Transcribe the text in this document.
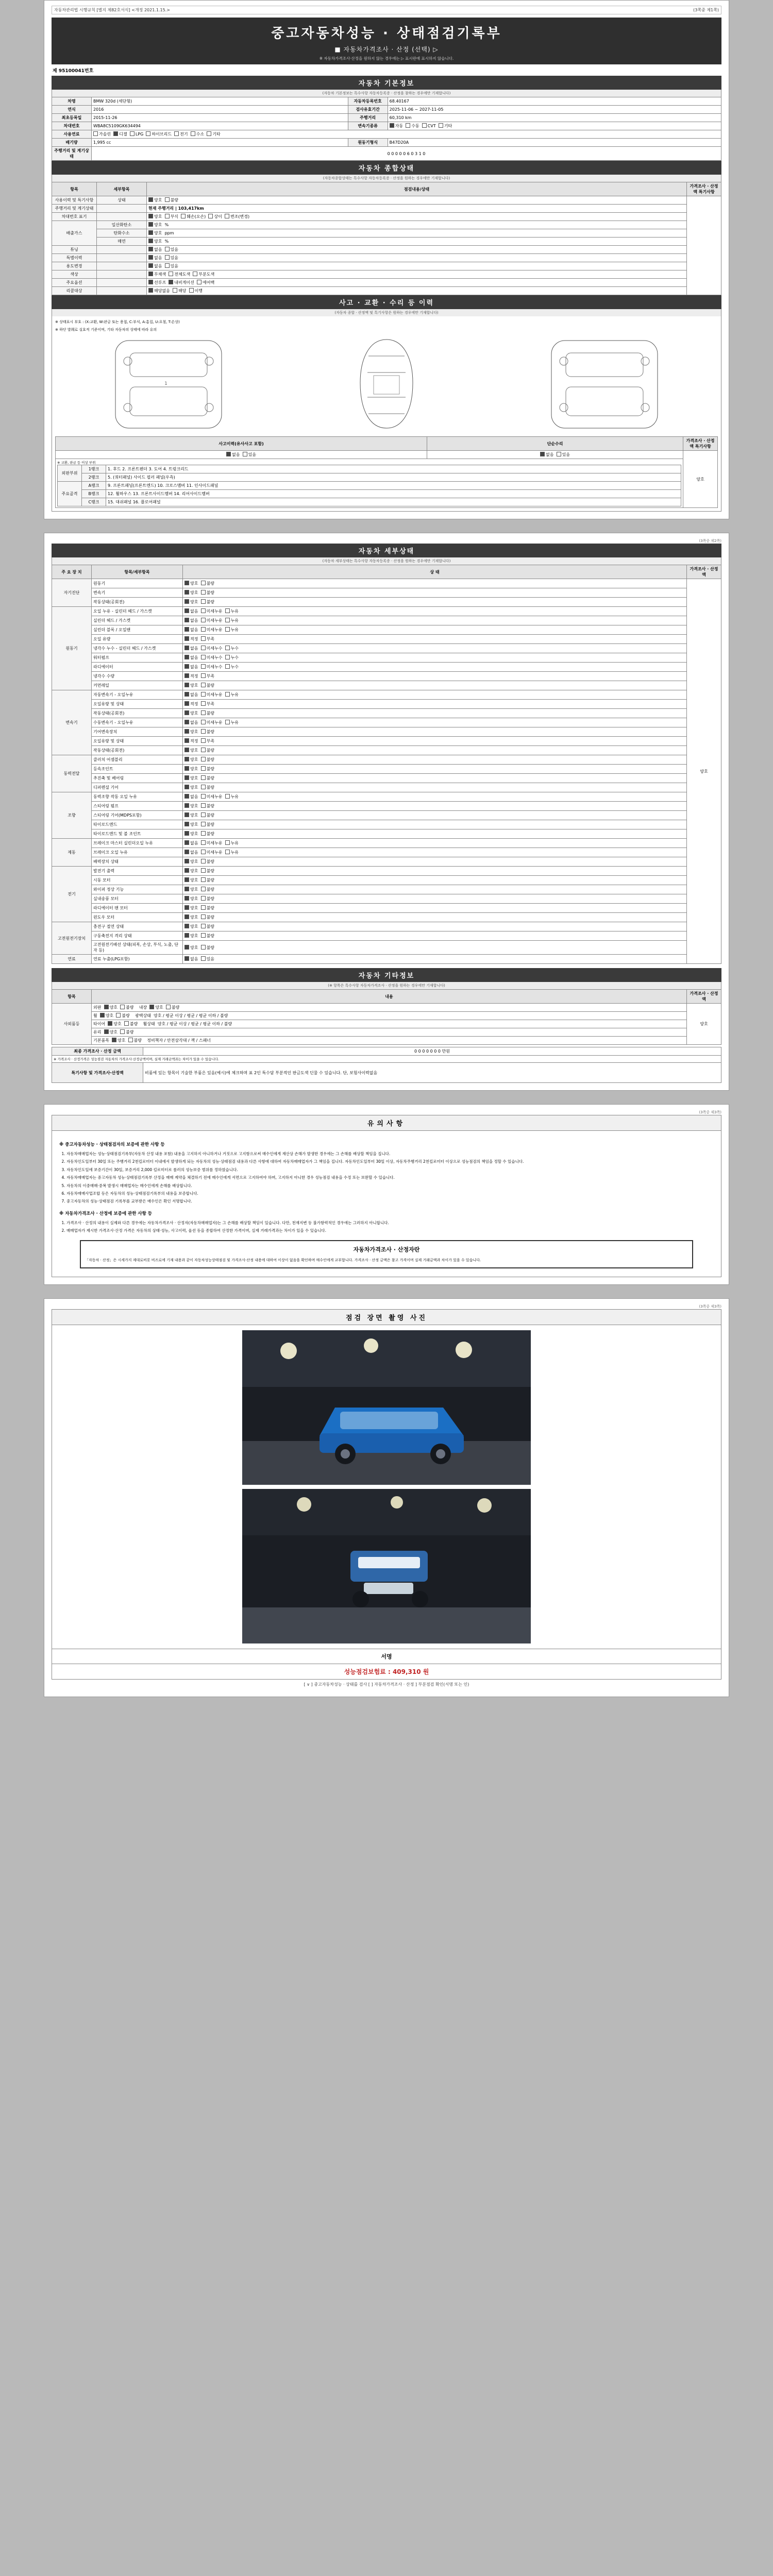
자동차관리법 시행규칙 [별지 제82호서식] <개정 2021.1.15.>	(3쪽중 제1쪽)
중고자동차성능 · 상태점검기록부
■ 자동차가격조사 · 산정 (선택) ▷
※ 자동차가격조사·산정을 원하지 않는 경우에는 ▷ 표시란에 표시하지 않습니다.
제 95100041번호
자동차 기본정보
(자동차 기본정보는 특수사항 자동차등록증 · 산정을 참하는 경우에만 기재합니다)
차명	BMW 320d (세단형)	자동차등록번호	68.40167
연식	2016	검사유효기간	2025-11-06 ~ 2027-11-05
최초등록일	2015-11-26	주행거리	60,310 km
차대번호	WBA8C5109GK634494	변속기종류	자동 수동 CVT 기타
사용연료	가솔린 디젤 LPG 하이브리드 전기 수소 기타		
배기량	1,995 cc	원동기형식	B47D20A
주행거리 및 계기상태	0 0 0 0 0 6 0 3 1 0		
자동차 종합상태
(자동차종합상태는 특수사항 자동차등록증 · 산정을 원하는 경우에만 기재합니다)
항목	세부항목	점검내용/상태	가격조사 · 산정액 특기사항
사용이력 및 특기사항	상태	양호 불량	
주행거리 및 계기상태		현재 주행거리 | 103,417km	
차대번호 표기		양호 부식 훼손(오손) 상이 변조(변경)	
배출가스	일산화탄소	양호 %	
	탄화수소	양호 ppm	
	매연	양호 %	
튜닝		없음 있음	
특별이력		없음 있음	
용도변경		없음 있음	
색상		무채색 전체도색 부분도색	
주요옵션		선루프 내비게이션 에어백	
리콜대상		해당없음 해당 이행	
사고 · 교환 · 수리 등 이력
(자동차 종합 · 산정액 및 특기사항은 원하는 경우에만 기재합니다)
※ 상태표시 부호 : (X:교환, W:판금 또는 용접, C:부식, A:흠집, U:요철, T:손상)
※ 하단 발췌로 실효적 기준이며, 기타 자동차의 상태에 따라 유의
1
사고이력(유사사고 포함)	단순수리	가격조사 · 산정액 특기사항
없음 있음	없음 있음	양호

※ 교환, 판금 등 이상 부위
외판부위	1랭크	1. 후드 2. 프론트펜더 3. 도어 4. 트렁크리드
2랭크	5. (쿼터패널) 사이드 필러 패널(우측)
주요골격	A랭크	9. 프론트패널(프론트엔드) 10. 크로스맴버 11. 인사이드패널
B랭크	12. 휠하우스 13. 프론트사이드멤버 14. 리어사이드멤버
C랭크	15. 대쉬패널 16. 플로어패널
(3쪽중 제2쪽)
자동차 세부상태
(자동차 세부상태는 특수사항 자동차등록증 · 산정을 원하는 경우에만 기재합니다)
주 요 장 치	항목/세부항목	상 태	가격조사 · 산정액
자기진단	원동기	양호 불량	양호
	변속기	양호 불량	
	작동상태(공회전)	양호 불량	
원동기	오일 누유 - 실린더 헤드 / 가스켓	없음 미세누유 누유	
	실린더 헤드 / 가스켓	없음 미세누유 누유	
	실린더 블록 / 오일팬	없음 미세누유 누유	
	오일 유량	적정 부족	
	냉각수 누수 - 실린더 헤드 / 가스켓	없음 미세누수 누수	
	워터펌프	없음 미세누수 누수	
	라디에이터	없음 미세누수 누수	
	냉각수 수량	적정 부족	
	커먼레일	양호 불량	
변속기	자동변속기 - 오일누유	없음 미세누유 누유	
	오일유량 및 상태	적정 부족	
	작동상태(공회전)	양호 불량	
	수동변속기 - 오일누유	없음 미세누유 누유	
	기어변속장치	양호 불량	
	오일유량 및 상태	적정 부족	
	작동상태(공회전)	양호 불량	
동력전달	클러치 어셈블리	양호 불량	
	등속조인트	양호 불량	
	추진축 및 베어링	양호 불량	
	디퍼렌셜 기어	양호 불량	
조향	동력조향 작동 오일 누유	없음 미세누유 누유	
	스티어링 펌프	양호 불량	
	스티어링 기어(MDPS포함)	양호 불량	
	타이로드엔드	양호 불량	
	타이로드엔드 및 볼 조인트	양호 불량	
제동	브레이크 마스터 실린더오일 누유	없음 미세누유 누유	
	브레이크 오일 누유	없음 미세누유 누유	
	배력장치 상태	양호 불량	
전기	발전기 출력	양호 불량	
	시동 모터	양호 불량	
	와이퍼 정상 기능	양호 불량	
	실내송풍 모터	양호 불량	
	라디에이터 팬 모터	양호 불량	
	윈도우 모터	양호 불량	
고전원전기장치	충전구 절연 상태	양호 불량	
	구동축전지 격리 상태	양호 불량	
	고전원전기배선 상태(피복, 손상, 부식, 노출, 단자 등)	양호 불량	
연료	연료 누출(LPG포함)	없음 있음	
자동차 기타정보
(※ 항목은 특수사항 자동차가격조사 · 산정을 원하는 경우에만 기재합니다)
항목	내용	가격조사 · 산정액
사외품등	외판 양호 불량 내장 양호 불량	양호
	휠 양호 불량 광택상태 양호 / 평균 이상 / 평균 / 평균 이하 / 불량	
	타이어 양호 불량 휠상태 양호 / 평균 이상 / 평균 / 평균 이하 / 불량	
	유리 양호 불량	
	기본품목 양호 불량 정비책자 / 안전삼각대 / 잭 / 스패너	
최종 가격조사 · 산정 금액	0 0 0 0 0 0 0 만원
※ 가격조사 · 산정가격은 성능점검 자동차의 가격조사·산정금액이며, 실제 거래금액과는 차이가 있을 수 있습니다.	
특기사항 및 가격조사·산정액	비품에 있는 항목이 기술한 부품은 있음(예시)에 체크하며 표 2인 특수담 부분적인 판금도색 딘물 수 있습니다. 단, 보험사이력없음
(3쪽중 제3쪽)
유의사항
※ 중고자동차성능 · 상태점검자의 보증에 관한 사항 등
1. 자동차매매업자는 성능·상태점검기록부(자동차 산정 내용 포함) 내용을 고지하지 아니하거나 거짓으로 고지함으로써 매수인에게 재산상 손해가 발생한 경우에는 그 손해를 배상할 책임을 집니다.
2. 자동차인도일부터 30일 또는 주행거리 2천킬로미터 이내에서 발생하게 되는 자동차의 성능·상태점검 내용과 다른 사항에 대하여 자동차매매업자가 그 책임을 집니다. 자동차인도일부터 30일 이상, 자동차주행거리 2천킬로미터 이상으로 성능점검의 책임을 정할 수 있습니다.
3. 자동차인도일에 보증기간이 30일, 보증거리 2,000 킬로미터로 롤러의 성능보증 범위를 정하였습니다.
4. 자동차매매업자는 중고자동차 성능·상태점검기록부 산정을 매매 계약을 체결하기 전에 매수인에게 서면으로 고지하여야 하며, 고지하지 아니한 경우 성능점검 내용을 수정 또는 보완할 수 있습니다.
5. 자동차의 이중매매·중복 발생시 매매업자는 매수인에게 손해를 배상합니다.
6. 자동차매매사업조합 등은 자동차의 성능·상태점검기록부의 내용을 보증합니다.
7. 중고자동차의 성능·상태점검 기록부를 교부받은 매수인은 확인 서명합니다.
※ 자동차가격조사 · 산정에 보증에 관한 사항 등
1. 가격조사 · 산정의 내용이 실제와 다른 경우에는 자동차가격조사 · 산정자(자동차매매업자)는 그 손해를 배상할 책임이 있습니다. 다만, 천재지변 등 불가항력적인 경우에는 그러하지 아니합니다.
2. 매매업자가 제시한 가격조사·산정 가격은 자동차의 상태·성능, 사고이력, 옵션 등을 종합하여 산정한 가격이며, 실제 거래가격과는 차이가 있을 수 있습니다.
자동차가격조사 · 산정자란
「자동차 · 산정」은 시세가지 제대로비롯 비즈로에 기재 내용과 같이 자동차성능상태점검 및 가격조사·산정 내용에 대하여 이상이 없음을 확인하며 매수인에게 교부합니다. 가격조사 · 산정 금액은 참고 가격이며 실제 거래금액과 차이가 있을 수 있습니다.
(3쪽중 제3쪽)
점검 장면 촬영 사진
서명
성능점검보험료 : 409,310 원
[ ∨ ] 중고자동차성능 · 상태를 검사 [ ] 자동차가격조사 · 산정 ] 부분점검 확인(서명 또는 인)
